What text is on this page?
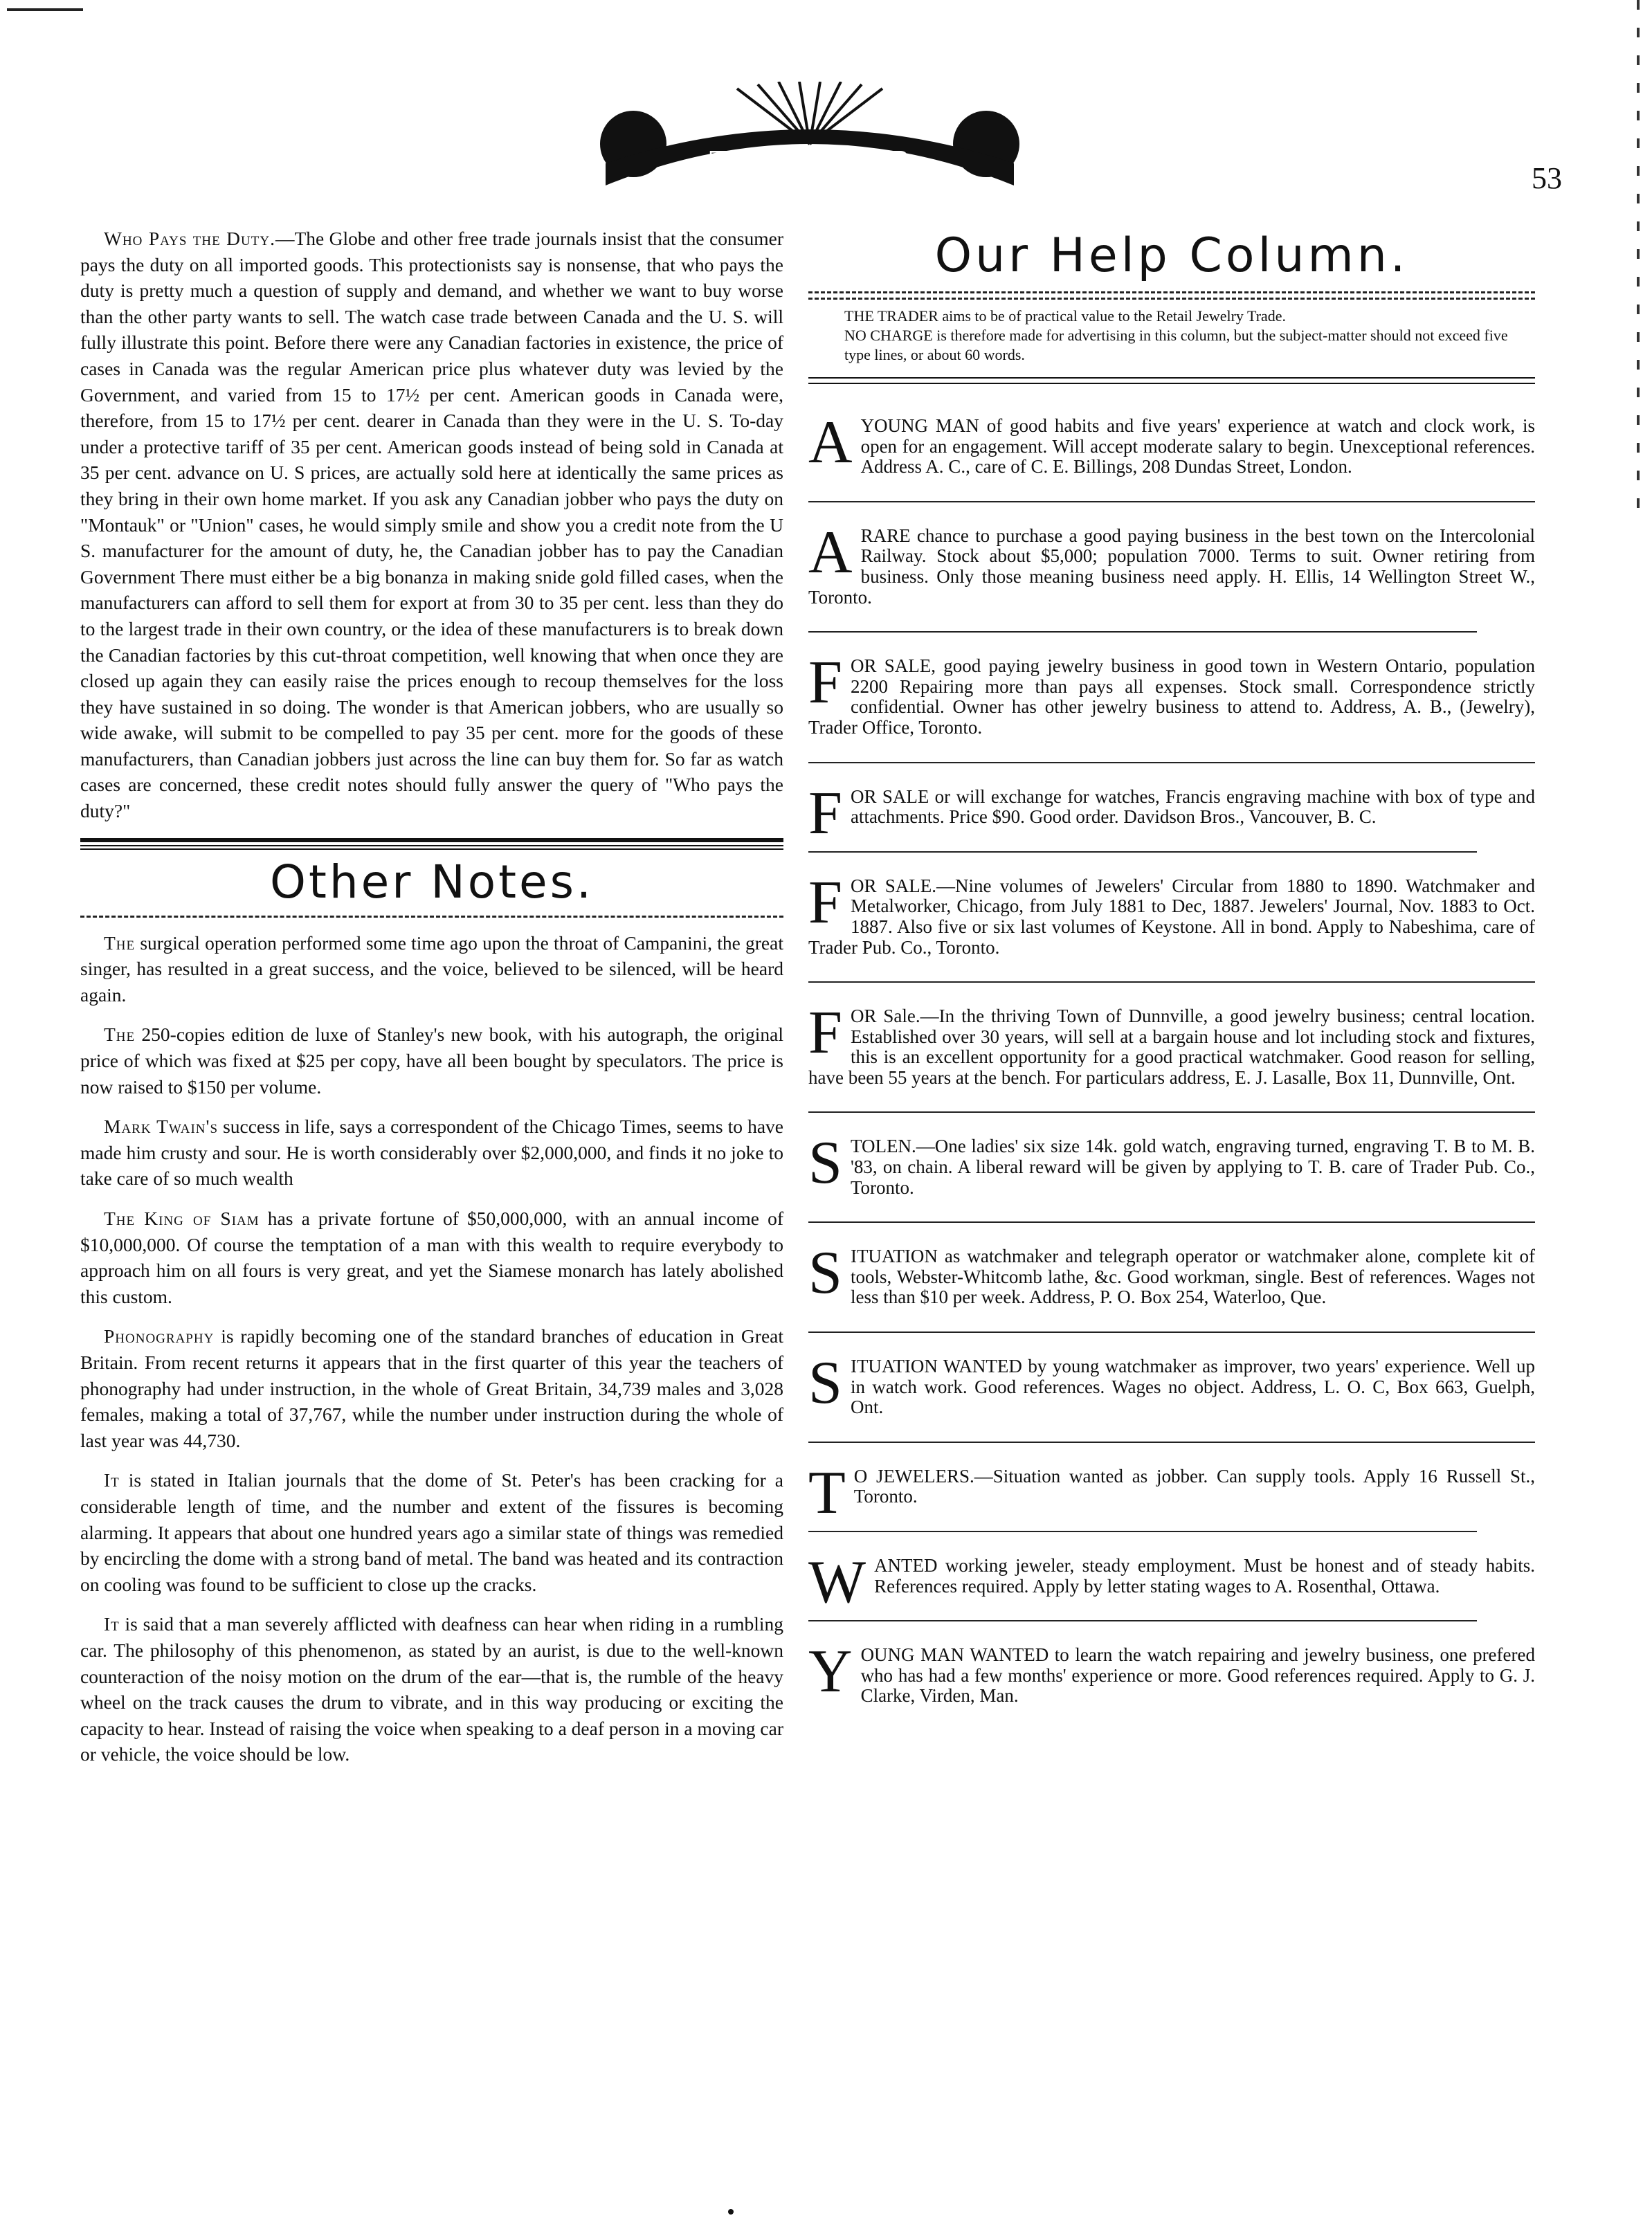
THE TRADER
53

Who Pays the Duty.—The Globe and other free trade journals insist that the consumer pays the duty on all imported goods. This protectionists say is nonsense, that who pays the duty is pretty much a question of supply and demand, and whether we want to buy worse than the other party wants to sell. The watch case trade between Canada and the U. S. will fully illustrate this point. Before there were any Canadian factories in existence, the price of cases in Canada was the regular American price plus whatever duty was levied by the Government, and varied from 15 to 17½ per cent. American goods in Canada were, therefore, from 15 to 17½ per cent. dearer in Canada than they were in the U. S. To-day under a protective tariff of 35 per cent. American goods instead of being sold in Canada at 35 per cent. advance on U. S prices, are actually sold here at identically the same prices as they bring in their own home market. If you ask any Canadian jobber who pays the duty on "Montauk" or "Union" cases, he would simply smile and show you a credit note from the U S. manufacturer for the amount of duty, he, the Canadian jobber has to pay the Canadian Government There must either be a big bonanza in making snide gold filled cases, when the manufacturers can afford to sell them for export at from 30 to 35 per cent. less than they do to the largest trade in their own country, or the idea of these manufacturers is to break down the Canadian factories by this cut-throat competition, well knowing that when once they are closed up again they can easily raise the prices enough to recoup themselves for the loss they have sustained in so doing. The wonder is that American jobbers, who are usually so wide awake, will submit to be compelled to pay 35 per cent. more for the goods of these manufacturers, than Canadian jobbers just across the line can buy them for. So far as watch cases are concerned, these credit notes should fully answer the query of "Who pays the duty?"

Other Notes.

The surgical operation performed some time ago upon the throat of Campanini, the great singer, has resulted in a great success, and the voice, believed to be silenced, will be heard again.

The 250-copies edition de luxe of Stanley's new book, with his autograph, the original price of which was fixed at $25 per copy, have all been bought by speculators. The price is now raised to $150 per volume.

Mark Twain's success in life, says a correspondent of the Chicago Times, seems to have made him crusty and sour. He is worth considerably over $2,000,000, and finds it no joke to take care of so much wealth

The King of Siam has a private fortune of $50,000,000, with an annual income of $10,000,000. Of course the temptation of a man with this wealth to require everybody to approach him on all fours is very great, and yet the Siamese monarch has lately abolished this custom.

Phonography is rapidly becoming one of the standard branches of education in Great Britain. From recent returns it appears that in the first quarter of this year the teachers of phonography had under instruction, in the whole of Great Britain, 34,739 males and 3,028 females, making a total of 37,767, while the number under instruction during the whole of last year was 44,730.

It is stated in Italian journals that the dome of St. Peter's has been cracking for a considerable length of time, and the number and extent of the fissures is becoming alarming. It appears that about one hundred years ago a similar state of things was remedied by encircling the dome with a strong band of metal. The band was heated and its contraction on cooling was found to be sufficient to close up the cracks.

It is said that a man severely afflicted with deafness can hear when riding in a rumbling car. The philosophy of this phenomenon, as stated by an aurist, is due to the well-known counteraction of the noisy motion on the drum of the ear—that is, the rumble of the heavy wheel on the track causes the drum to vibrate, and in this way producing or exciting the capacity to hear. Instead of raising the voice when speaking to a deaf person in a moving car or vehicle, the voice should be low.

Our Help Column.
THE TRADER aims to be of practical value to the Retail Jewelry Trade.
NO CHARGE is therefore made for advertising in this column, but the subject-matter should not exceed five type lines, or about 60 words.
A YOUNG MAN of good habits and five years' experience at watch and clock work, is open for an engagement. Will accept moderate salary to begin. Unexceptional references. Address A. C., care of C. E. Billings, 208 Dundas Street, London.
A RARE chance to purchase a good paying business in the best town on the Intercolonial Railway. Stock about $5,000; population 7000. Terms to suit. Owner retiring from business. Only those meaning business need apply. H. Ellis, 14 Wellington Street W., Toronto.
FOR SALE, good paying jewelry business in good town in Western Ontario, population 2200 Repairing more than pays all expenses. Stock small. Correspondence strictly confidential. Owner has other jewelry business to attend to. Address, A. B., (Jewelry), Trader Office, Toronto.
FOR SALE or will exchange for watches, Francis engraving machine with box of type and attachments. Price $90. Good order. Davidson Bros., Vancouver, B. C.
FOR SALE.—Nine volumes of Jewelers' Circular from 1880 to 1890. Watchmaker and Metalworker, Chicago, from July 1881 to Dec, 1887. Jewelers' Journal, Nov. 1883 to Oct. 1887. Also five or six last volumes of Keystone. All in bond. Apply to Nabeshima, care of Trader Pub. Co., Toronto.
FOR Sale.—In the thriving Town of Dunnville, a good jewelry business; central location. Established over 30 years, will sell at a bargain house and lot including stock and fixtures, this is an excellent opportunity for a good practical watchmaker. Good reason for selling, have been 55 years at the bench. For particulars address, E. J. Lasalle, Box 11, Dunnville, Ont.
STOLEN.—One ladies' six size 14k. gold watch, engraving turned, engraving T. B to M. B. '83, on chain. A liberal reward will be given by applying to T. B. care of Trader Pub. Co., Toronto.
SITUATION as watchmaker and telegraph operator or watchmaker alone, complete kit of tools, Webster-Whitcomb lathe, &c. Good workman, single. Best of references. Wages not less than $10 per week. Address, P. O. Box 254, Waterloo, Que.
SITUATION WANTED by young watchmaker as improver, two years' experience. Well up in watch work. Good references. Wages no object. Address, L. O. C, Box 663, Guelph, Ont.
T O JEWELERS.—Situation wanted as jobber. Can supply tools. Apply 16 Russell St., Toronto.
WANTED working jeweler, steady employment. Must be honest and of steady habits. References required. Apply by letter stating wages to A. Rosenthal, Ottawa.
YOUNG MAN WANTED to learn the watch repairing and jewelry business, one prefered who has had a few months' experience or more. Good references required. Apply to G. J. Clarke, Virden, Man.
